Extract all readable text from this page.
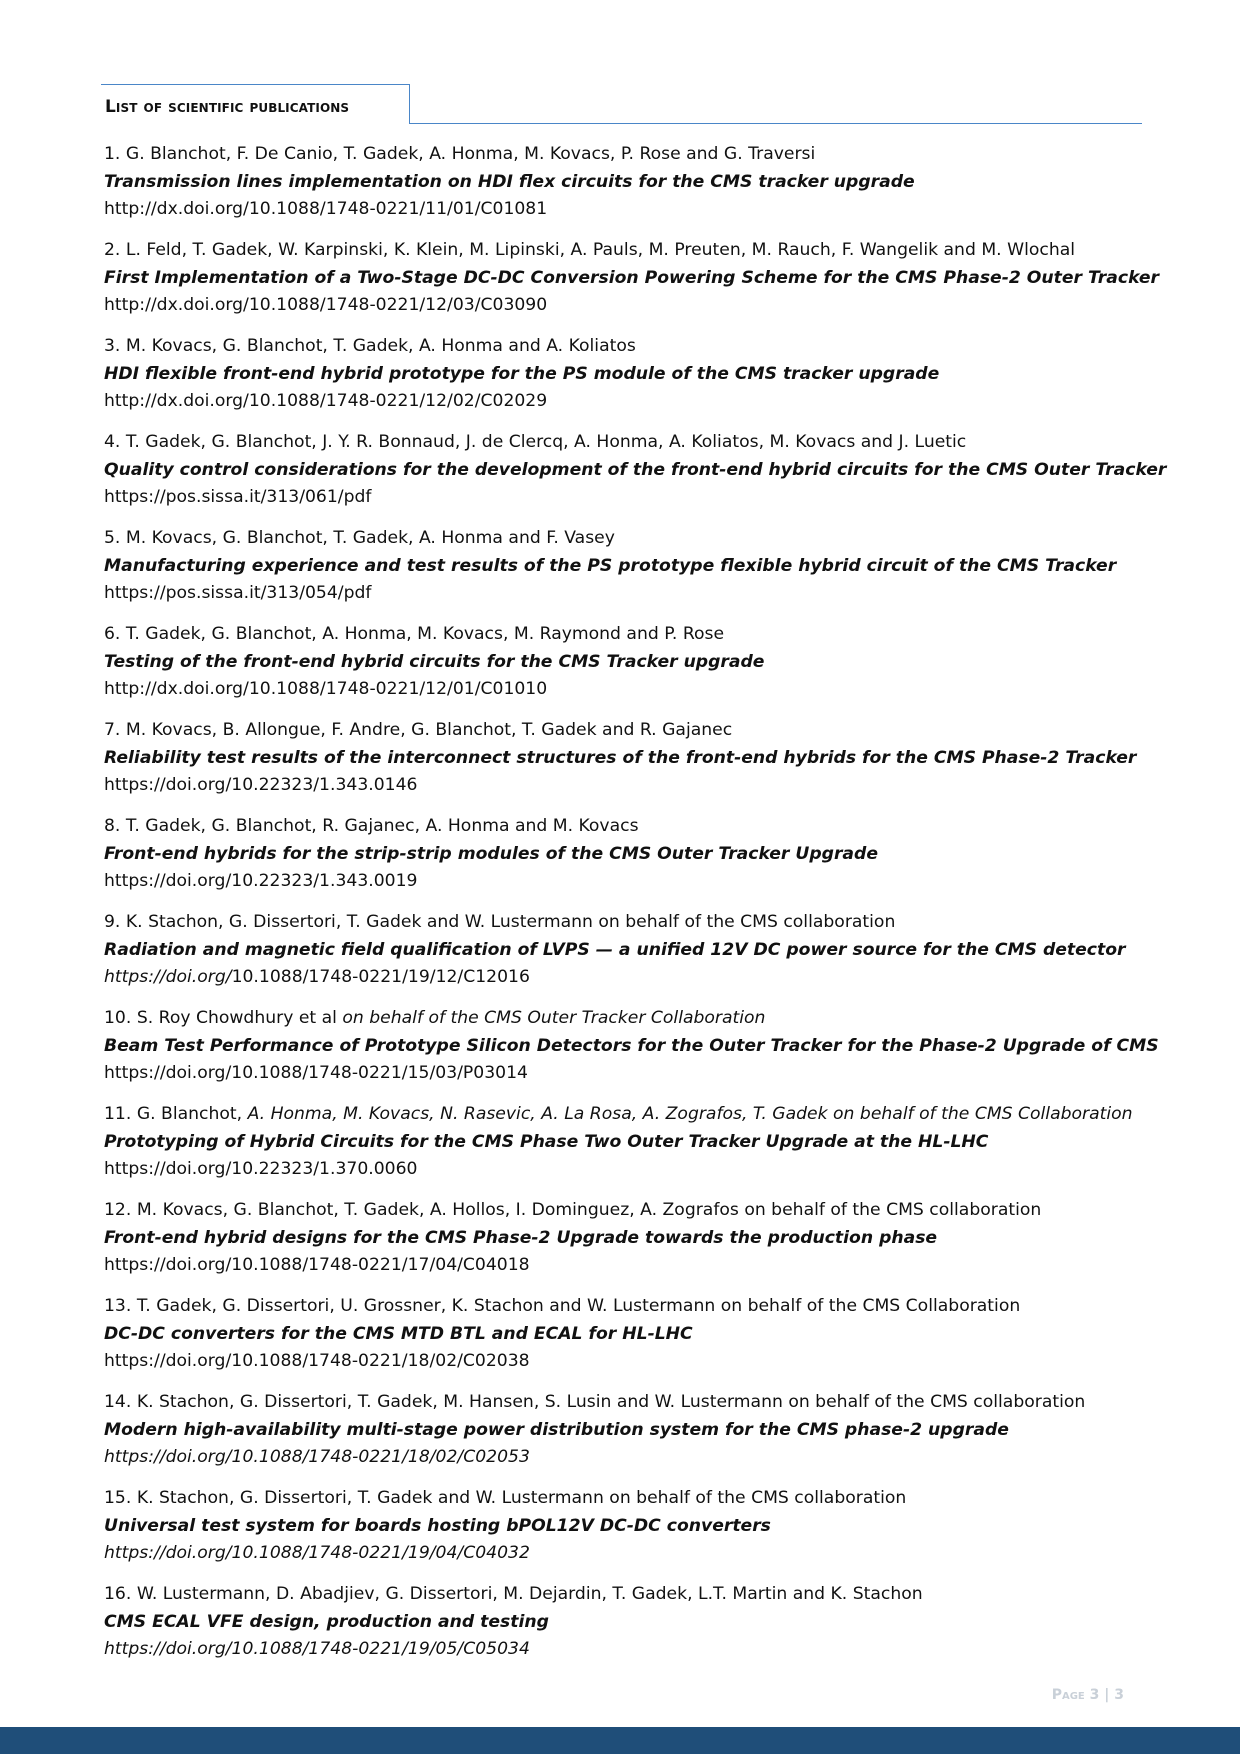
List of scientific publications
1. G. Blanchot, F. De Canio, T. Gadek, A. Honma, M. Kovacs, P. Rose and G. Traversi
Transmission lines implementation on HDI flex circuits for the CMS tracker upgrade
http://dx.doi.org/10.1088/1748-0221/11/01/C01081
2. L. Feld, T. Gadek, W. Karpinski, K. Klein, M. Lipinski, A. Pauls, M. Preuten, M. Rauch, F. Wangelik and M. Wlochal
First Implementation of a Two-Stage DC-DC Conversion Powering Scheme for the CMS Phase-2 Outer Tracker
http://dx.doi.org/10.1088/1748-0221/12/03/C03090
3. M. Kovacs, G. Blanchot, T. Gadek, A. Honma and A. Koliatos
HDI flexible front-end hybrid prototype for the PS module of the CMS tracker upgrade
http://dx.doi.org/10.1088/1748-0221/12/02/C02029
4. T. Gadek, G. Blanchot, J. Y. R. Bonnaud, J. de Clercq, A. Honma, A. Koliatos, M. Kovacs and J. Luetic
Quality control considerations for the development of the front-end hybrid circuits for the CMS Outer Tracker
https://pos.sissa.it/313/061/pdf
5. M. Kovacs, G. Blanchot, T. Gadek, A. Honma and F. Vasey
Manufacturing experience and test results of the PS prototype flexible hybrid circuit of the CMS Tracker
https://pos.sissa.it/313/054/pdf
6. T. Gadek, G. Blanchot, A. Honma, M. Kovacs, M. Raymond and P. Rose
Testing of the front-end hybrid circuits for the CMS Tracker upgrade
http://dx.doi.org/10.1088/1748-0221/12/01/C01010
7. M. Kovacs, B. Allongue, F. Andre, G. Blanchot, T. Gadek and R. Gajanec
Reliability test results of the interconnect structures of the front-end hybrids for the CMS Phase-2 Tracker
https://doi.org/10.22323/1.343.0146
8. T. Gadek, G. Blanchot, R. Gajanec, A. Honma and M. Kovacs
Front-end hybrids for the strip-strip modules of the CMS Outer Tracker Upgrade
https://doi.org/10.22323/1.343.0019
9. K. Stachon, G. Dissertori, T. Gadek and W. Lustermann on behalf of the CMS collaboration
Radiation and magnetic field qualification of LVPS — a unified 12V DC power source for the CMS detector
https://doi.org/10.1088/1748-0221/19/12/C12016
10. S. Roy Chowdhury et al on behalf of the CMS Outer Tracker Collaboration
Beam Test Performance of Prototype Silicon Detectors for the Outer Tracker for the Phase-2 Upgrade of CMS
https://doi.org/10.1088/1748-0221/15/03/P03014
11. G. Blanchot, A. Honma, M. Kovacs, N. Rasevic, A. La Rosa, A. Zografos, T. Gadek on behalf of the CMS Collaboration
Prototyping of Hybrid Circuits for the CMS Phase Two Outer Tracker Upgrade at the HL-LHC
https://doi.org/10.22323/1.370.0060
12. M. Kovacs, G. Blanchot, T. Gadek, A. Hollos, I. Dominguez, A. Zografos on behalf of the CMS collaboration
Front-end hybrid designs for the CMS Phase-2 Upgrade towards the production phase
https://doi.org/10.1088/1748-0221/17/04/C04018
13. T. Gadek, G. Dissertori, U. Grossner, K. Stachon and W. Lustermann on behalf of the CMS Collaboration
DC-DC converters for the CMS MTD BTL and ECAL for HL-LHC
https://doi.org/10.1088/1748-0221/18/02/C02038
14. K. Stachon, G. Dissertori, T. Gadek, M. Hansen, S. Lusin and W. Lustermann on behalf of the CMS collaboration
Modern high-availability multi-stage power distribution system for the CMS phase-2 upgrade
https://doi.org/10.1088/1748-0221/18/02/C02053
15. K. Stachon, G. Dissertori, T. Gadek and W. Lustermann on behalf of the CMS collaboration
Universal test system for boards hosting bPOL12V DC-DC converters
https://doi.org/10.1088/1748-0221/19/04/C04032
16. W. Lustermann, D. Abadjiev, G. Dissertori, M. Dejardin, T. Gadek, L.T. Martin and K. Stachon
CMS ECAL VFE design, production and testing
https://doi.org/10.1088/1748-0221/19/05/C05034
Page 3 | 3
